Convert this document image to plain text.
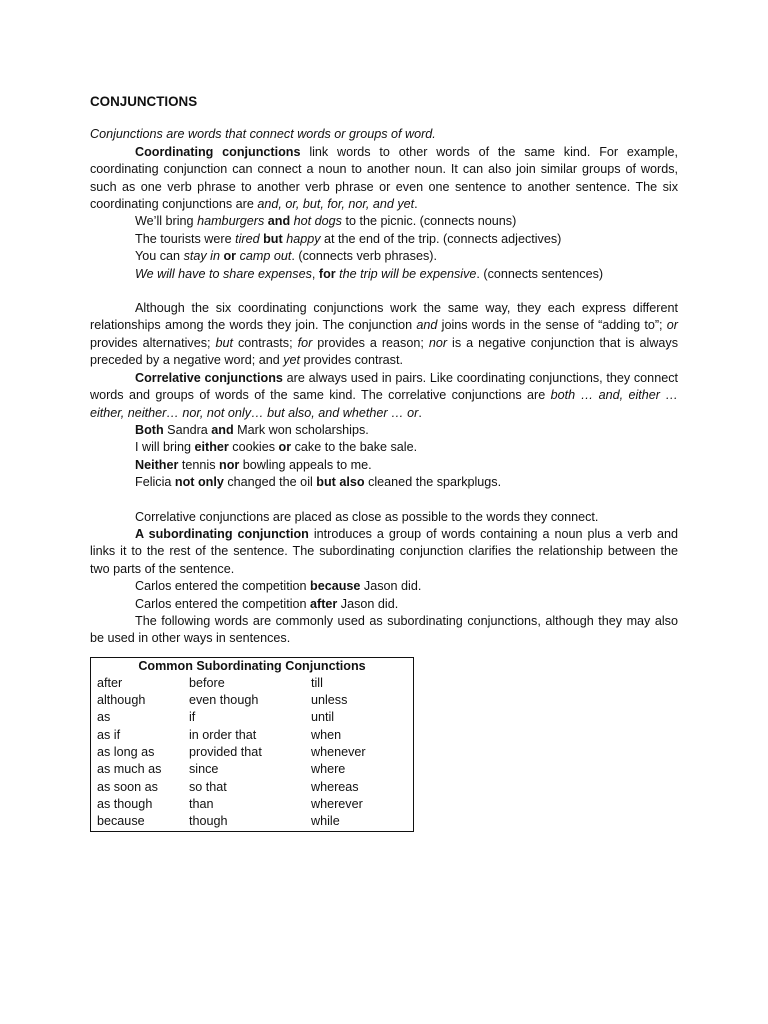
CONJUNCTIONS

Conjunctions are words that connect words or groups of word.

Coordinating conjunctions link words to other words of the same kind. For example, coordinating conjunction can connect a noun to another noun. It can also join similar groups of words, such as one verb phrase to another verb phrase or even one sentence to another sentence. The six coordinating conjunctions are and, or, but, for, nor, and yet.

We’ll bring hamburgers and hot dogs to the picnic. (connects nouns)

The tourists were tired but happy at the end of the trip. (connects adjectives)

You can stay in or camp out. (connects verb phrases).

We will have to share expenses, for the trip will be expensive. (connects sentences)

Although the six coordinating conjunctions work the same way, they each express different relationships among the words they join. The conjunction and joins words in the sense of “adding to”; or provides alternatives; but contrasts; for provides a reason; nor is a negative conjunction that is always preceded by a negative word; and yet provides contrast.

Correlative conjunctions are always used in pairs. Like coordinating conjunctions, they connect words and groups of words of the same kind. The correlative conjunctions are both … and, either … either, neither… nor, not only… but also, and whether … or.

Both Sandra and Mark won scholarships.

I will bring either cookies or cake to the bake sale.

Neither tennis nor bowling appeals to me.

Felicia not only changed the oil but also cleaned the sparkplugs.

Correlative conjunctions are placed as close as possible to the words they connect.

A subordinating conjunction introduces a group of words containing a noun plus a verb and links it to the rest of the sentence. The subordinating conjunction clarifies the relationship between the two parts of the sentence.

Carlos entered the competition because Jason did.

Carlos entered the competition after Jason did.

The following words are commonly used as subordinating conjunctions, although they may also be used in other ways in sentences.

Common Subordinating Conjunctions		
after	before	till
although	even though	unless
as	if	until
as if	in order that	when
as long as	provided that	whenever
as much as	since	where
as soon as	so that	whereas
as though	than	wherever
because	though	while
